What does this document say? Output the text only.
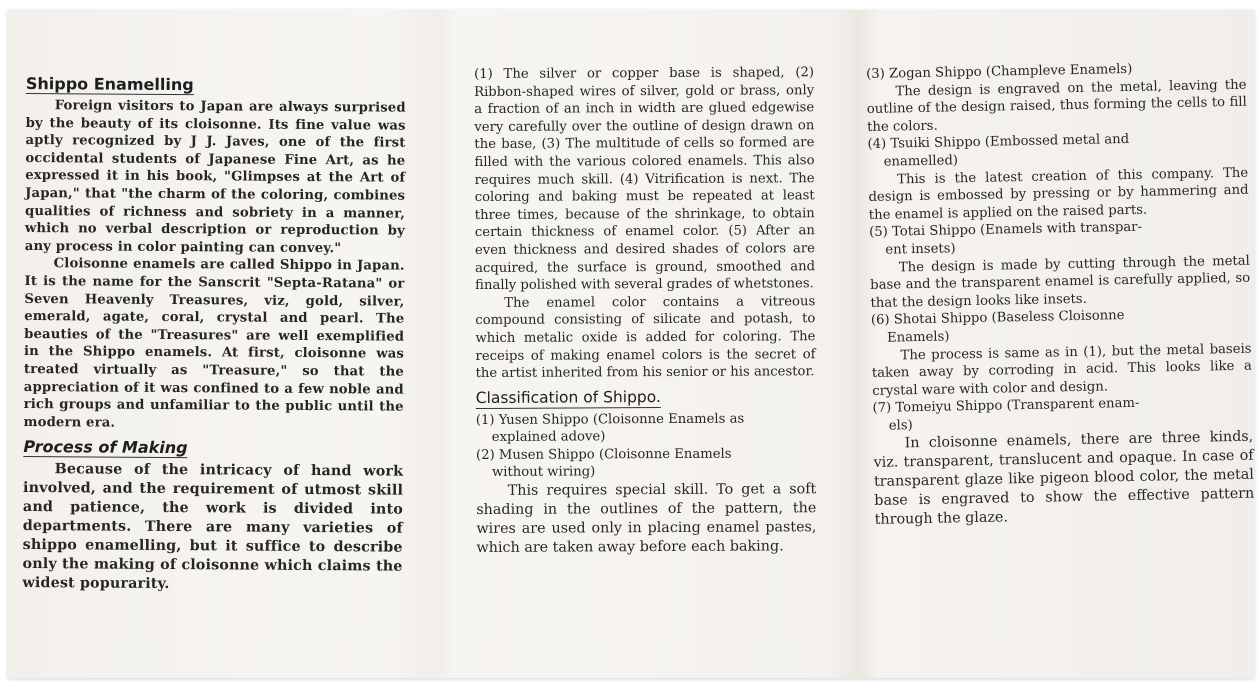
Shippo Enamelling

Foreign visitors to Japan are always surprised by the beauty of its cloisonne. Its fine value was aptly recognized by J J. Javes, one of the first occidental students of Japanese Fine Art, as he expressed it in his book, "Glimpses at the Art of Japan," that "the charm of the coloring, combines qualities of richness and sobriety in a manner, which no verbal description or reproduction by any process in color painting can convey."

Cloisonne enamels are called Shippo in Japan. It is the name for the Sanscrit "Septa-Ratana" or Seven Heavenly Treasures, viz, gold, silver, emerald, agate, coral, crystal and pearl. The beauties of the "Treasures" are well exemplified in the Shippo enamels. At first, cloisonne was treated virtually as "Treasure," so that the appreciation of it was confined to a few noble and rich groups and unfamiliar to the public until the modern era.

Process of Making

Because of the intricacy of hand work involved, and the requirement of utmost skill and patience, the work is divided into departments. There are many varieties of shippo enamelling, but it suffice to describe only the making of cloisonne which claims the widest popurarity.

(1) The silver or copper base is shaped, (2) Ribbon-shaped wires of silver, gold or brass, only a fraction of an inch in width are glued edgewise very carefully over the outline of design drawn on the base, (3) The multitude of cells so formed are filled with the various colored enamels. This also requires much skill. (4) Vitrification is next. The coloring and baking must be repeated at least three times, because of the shrinkage, to obtain certain thickness of enamel color. (5) After an even thickness and desired shades of colors are acquired, the surface is ground, smoothed and finally polished with several grades of whetstones.

The enamel color contains a vitreous compound consisting of silicate and potash, to which metalic oxide is added for coloring. The receips of making enamel colors is the secret of the artist inherited from his senior or his ancestor.

Classification of Shippo.
(1) Yusen Shippo (Cloisonne Enamels as
explained adove)
(2) Musen Shippo (Cloisonne Enamels
without wiring)

This requires special skill. To get a soft shading in the outlines of the pattern, the wires are used only in placing enamel pastes, which are taken away before each baking.

(3) Zogan Shippo (Champleve Enamels)

The design is engraved on the metal, leaving the outline of the design raised, thus forming the cells to fill the colors.

(4) Tsuiki Shippo (Embossed metal and
enamelled)

This is the latest creation of this company. The design is embossed by pressing or by hammering and the enamel is applied on the raised parts.

(5) Totai Shippo (Enamels with transpar-
ent insets)

The design is made by cutting through the metal base and the transparent enamel is carefully applied, so that the design looks like insets.

(6) Shotai Shippo (Baseless Cloisonne
Enamels)

The process is same as in (1), but the metal baseis taken away by corroding in acid. This looks like a crystal ware with color and design.

(7) Tomeiyu Shippo (Transparent enam-
els)

In cloisonne enamels, there are three kinds, viz. transparent, translucent and opaque. In case of transparent glaze like pigeon blood color, the metal base is engraved to show the effective pattern through the glaze.
